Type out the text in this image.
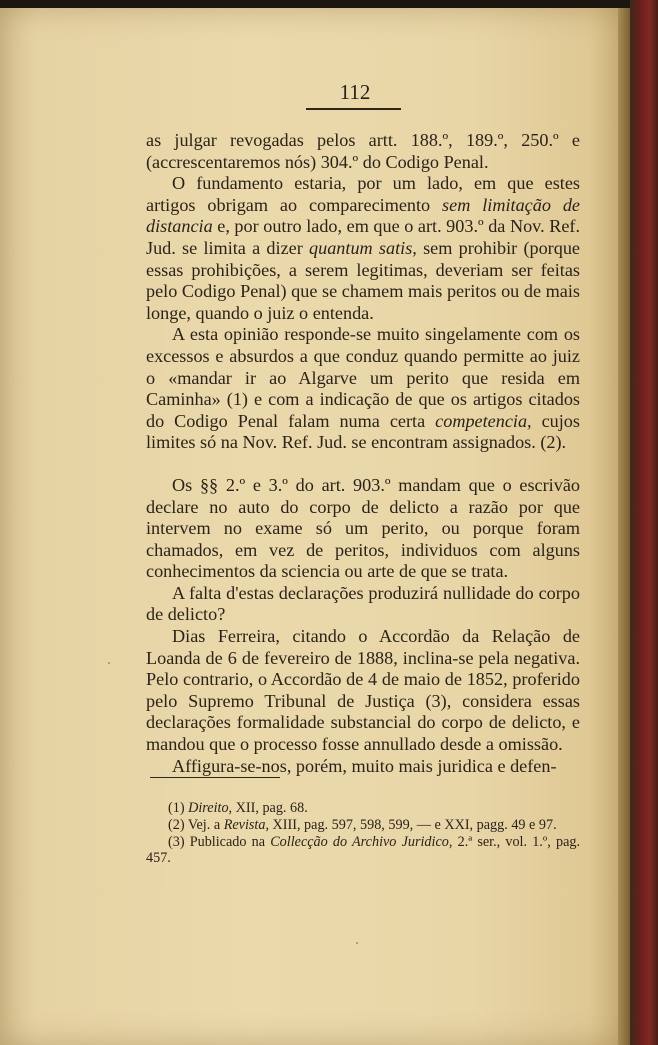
112

as julgar revogadas pelos artt. 188.º, 189.º, 250.º e (accrescentaremos nós) 304.º do Codigo Penal.

O fundamento estaria, por um lado, em que estes artigos obrigam ao comparecimento sem limitação de distancia e, por outro lado, em que o art. 903.º da Nov. Ref. Jud. se limita a dizer quantum satis, sem prohibir (porque essas prohibições, a serem legitimas, deveriam ser feitas pelo Codigo Penal) que se chamem mais peritos ou de mais longe, quando o juiz o entenda.

A esta opinião responde-se muito singelamente com os excessos e absurdos a que conduz quando permitte ao juiz o «mandar ir ao Algarve um perito que resida em Caminha» (1) e com a indicação de que os artigos citados do Codigo Penal falam numa certa competencia, cujos limites só na Nov. Ref. Jud. se encontram assignados. (2).

Os §§ 2.º e 3.º do art. 903.º mandam que o escrivão declare no auto do corpo de delicto a razão por que intervem no exame só um perito, ou porque foram chamados, em vez de peritos, individuos com alguns conhecimentos da sciencia ou arte de que se trata.

A falta d'estas declarações produzirá nullidade do corpo de delicto?

Dias Ferreira, citando o Accordão da Relação de Loanda de 6 de fevereiro de 1888, inclina-se pela negativa. Pelo contrario, o Accordão de 4 de maio de 1852, proferido pelo Supremo Tribunal de Justiça (3), considera essas declarações formalidade substancial do corpo de delicto, e mandou que o processo fosse annullado desde a omissão.

Affigura-se-nos, porém, muito mais juridica e defen-

(1) Direito, XII, pag. 68.

(2) Vej. a Revista, XIII, pag. 597, 598, 599, — e XXI, pagg. 49 e 97.

(3) Publicado na Collecção do Archivo Juridico, 2.ª ser., vol. 1.º, pag. 457.
